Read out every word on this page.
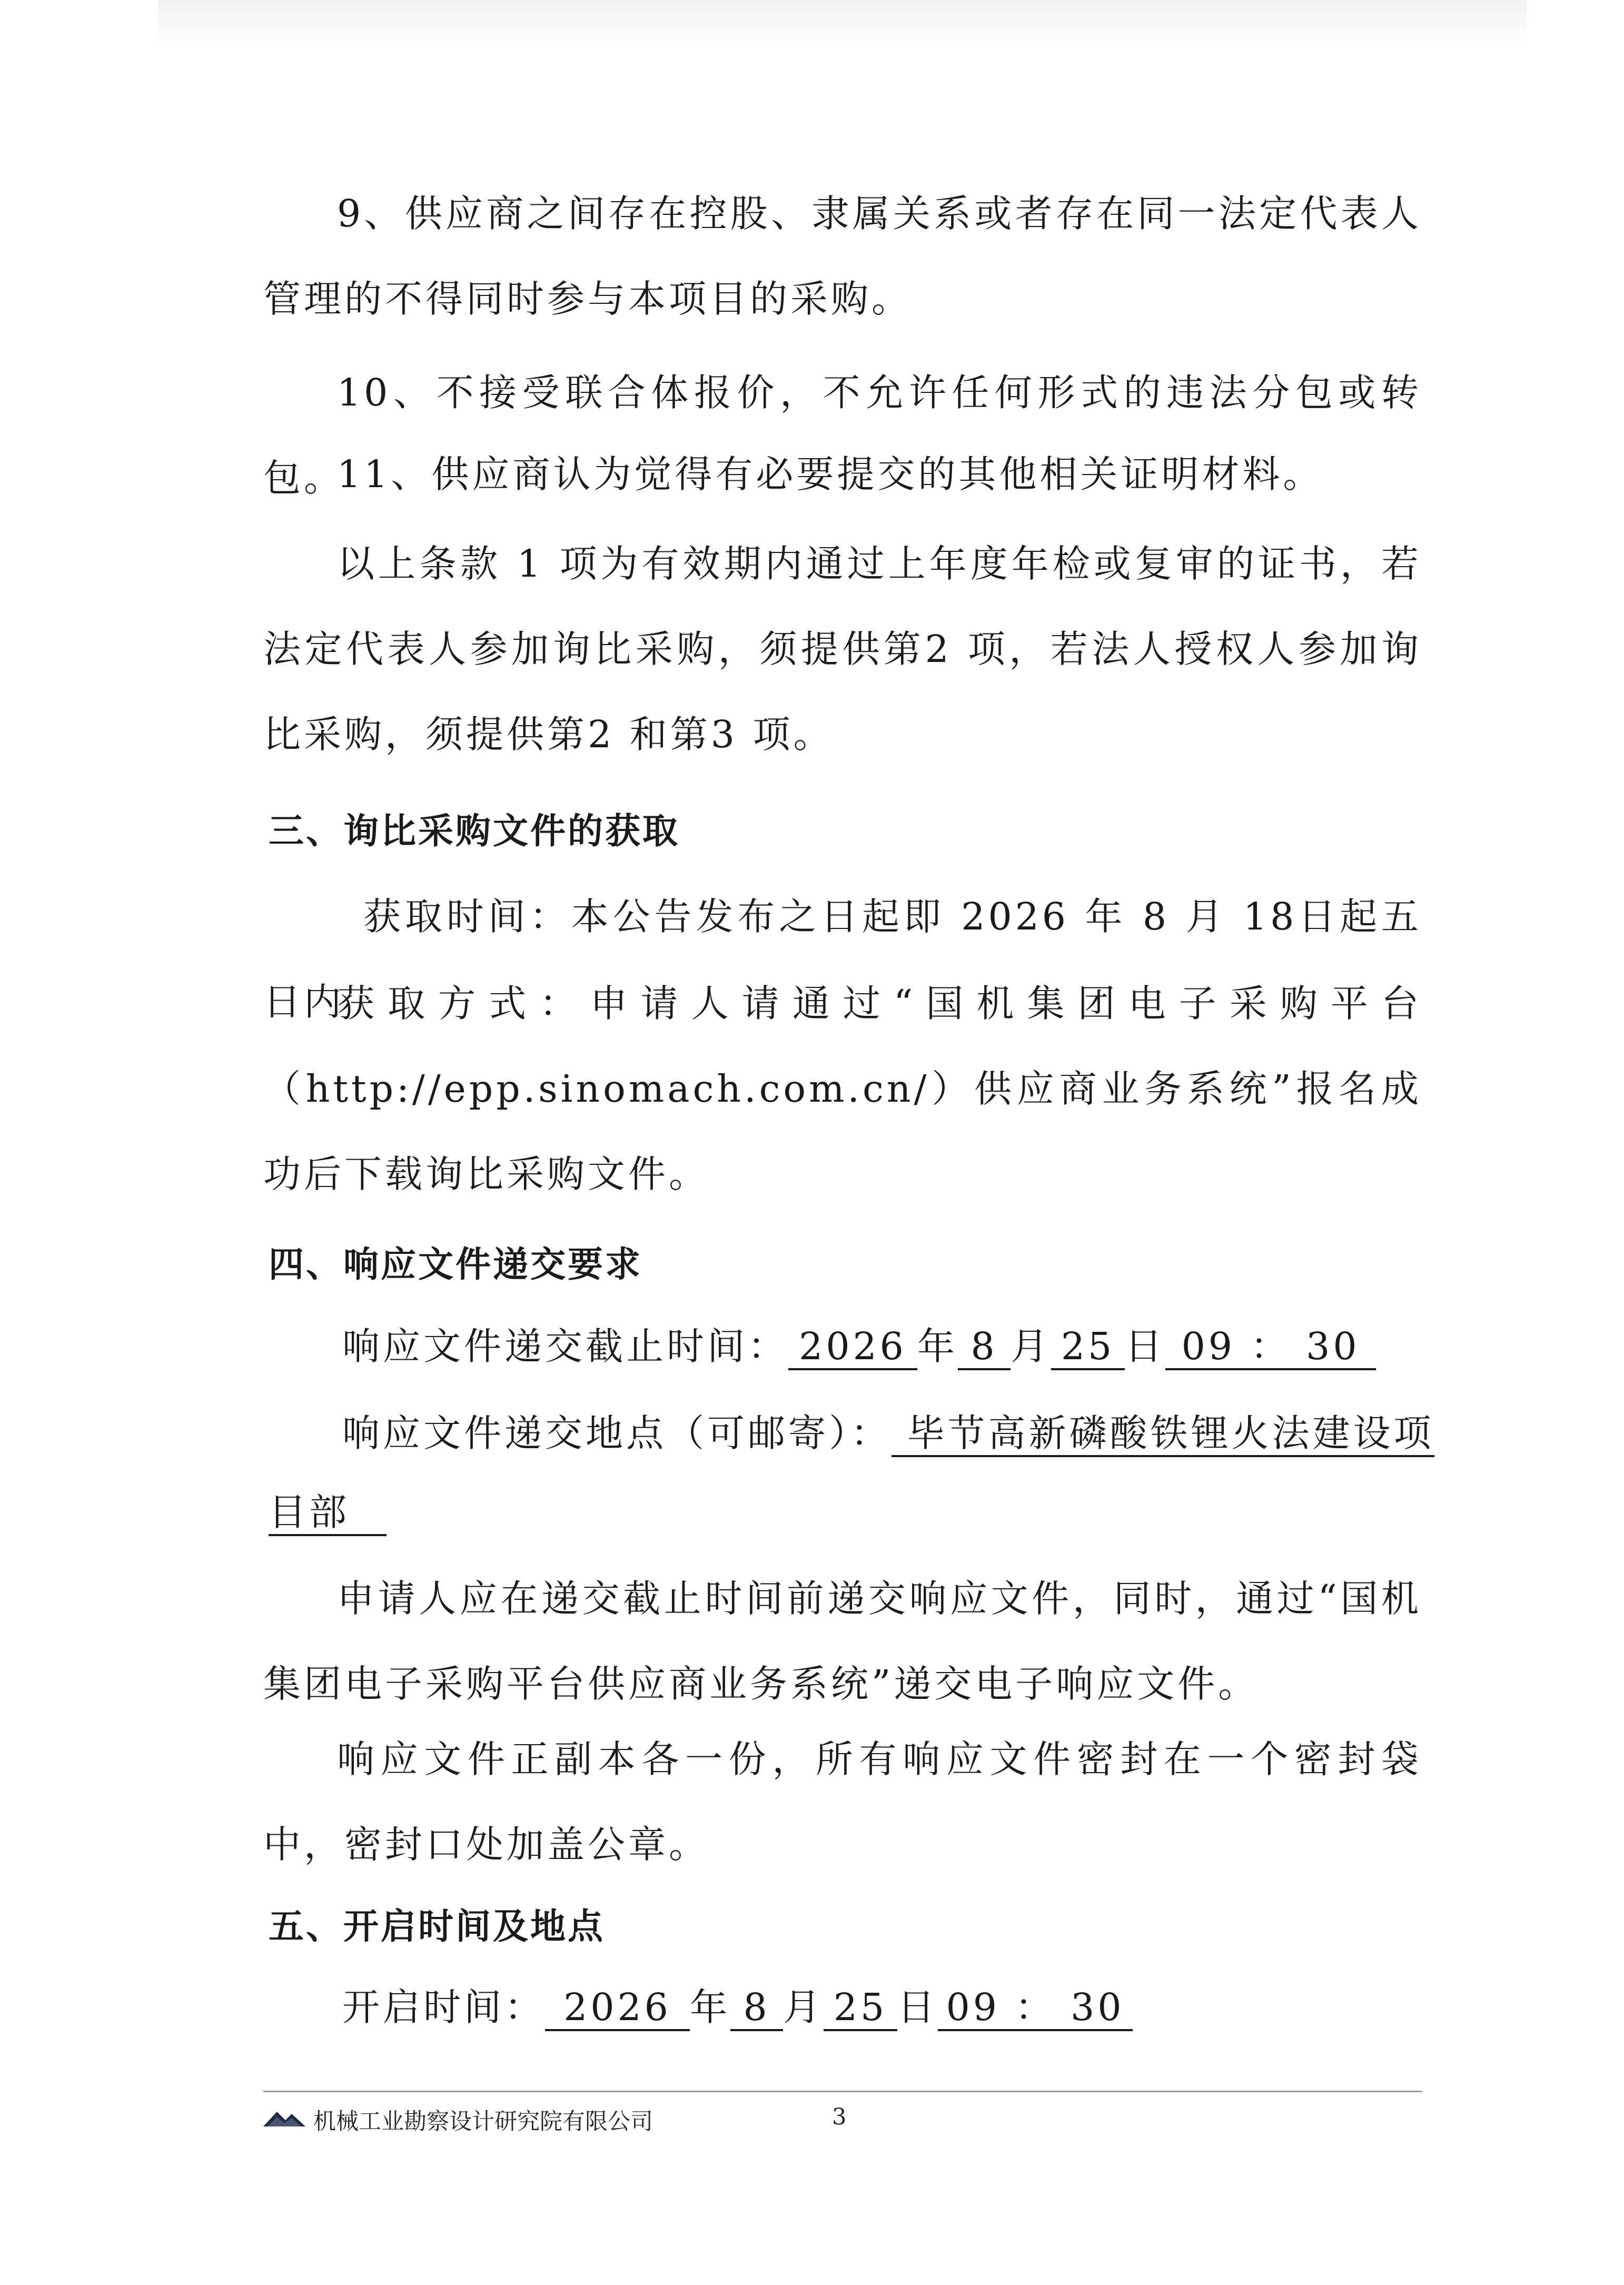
9、供应商之间存在控股、隶属关系或者存在同一法定代表人管理的不得同时参与本项目的采购。

10、不接受联合体报价，不允许任何形式的违法分包或转包。

11、供应商认为觉得有必要提交的其他相关证明材料。

以上条款 1 项为有效期内通过上年度年检或复审的证书，若法定代表人参加询比采购，须提供第2 项，若法人授权人参加询比采购，须提供第2 和第3 项。

三、询比采购文件的获取

获取时间：本公告发布之日起即 2026 年 8 月 18日起五日内

获取方式：申请人请通过“国机集团电子采购平台（http://epp.sinomach.com.cn/）供应商业务系统”报名成功后下载询比采购文件。

四、响应文件递交要求

响应文件递交截止时间： 2026 年 8 月 25 日 09 ： 30

响应文件递交地点（可邮寄）： 毕节高新磷酸铁锂火法建设项

目部

申请人应在递交截止时间前递交响应文件，同时，通过“国机集团电子采购平台供应商业务系统”递交电子响应文件。

响应文件正副本各一份，所有响应文件密封在一个密封袋中，密封口处加盖公章。

五、开启时间及地点

开启时间： 2026 年 8 月 25 日 09 ： 30

机械工业勘察设计研究院有限公司	3
